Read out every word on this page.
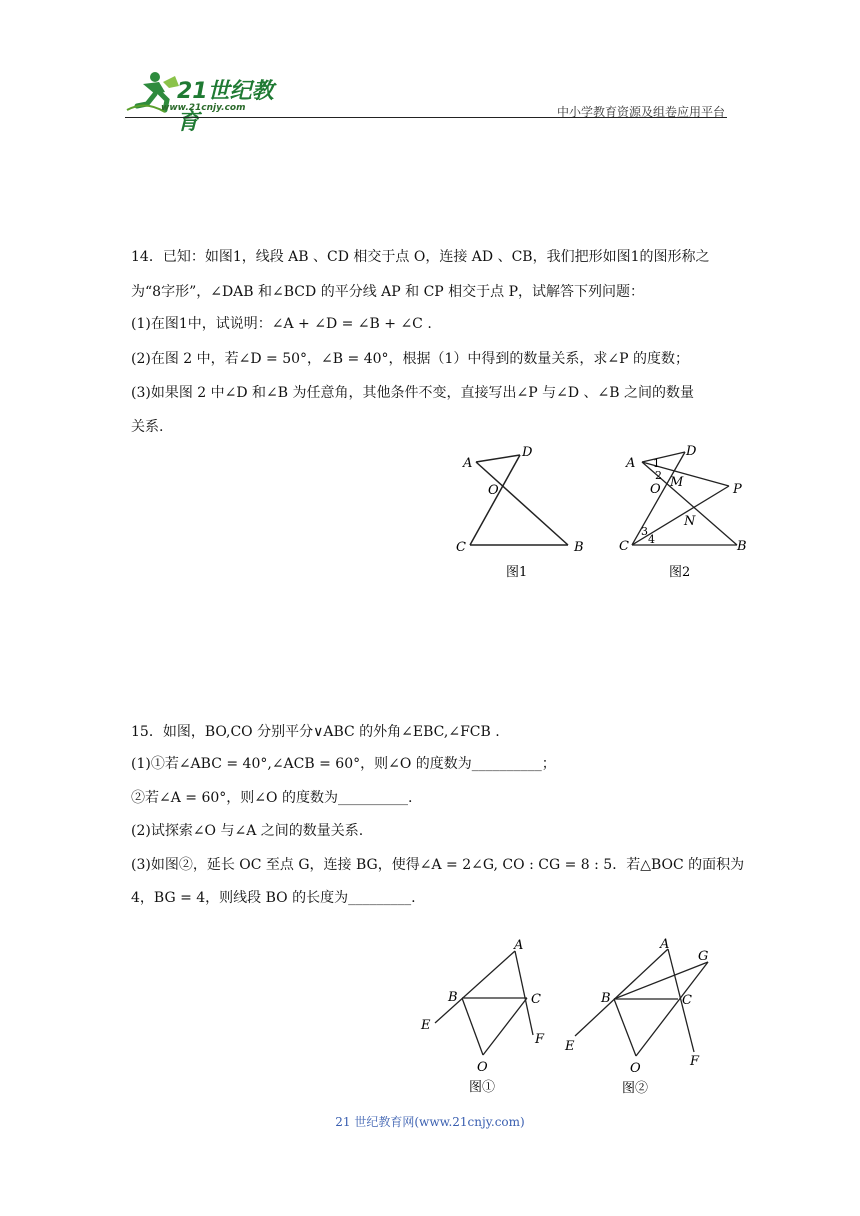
21世纪教育
www.21cnjy.com	中小学教育资源及组卷应用平台
14．已知：如图1，线段 AB 、CD 相交于点 O，连接 AD 、CB，我们把形如图1的图形称之
为“8字形”，∠DAB 和∠BCD 的平分线 AP 和 CP 相交于点 P，试解答下列问题：
(1)在图1中，试说明：∠A + ∠D = ∠B + ∠C .
(2)在图 2 中，若∠D = 50°，∠B = 40°，根据（1）中得到的数量关系，求∠P 的度数；
(3)如果图 2 中∠D 和∠B 为任意角，其他条件不变，直接写出∠P 与∠D 、∠B 之间的数量
关系.
A
D
O
C	B
图1
A
D
O M	P
N
C	B
1
2
3
4
图2
15．如图，BO,CO 分别平分∨ABC 的外角∠EBC,∠FCB .
(1)①若∠ABC = 40°,∠ACB = 60°，则∠O 的度数为__________；
②若∠A = 60°，则∠O 的度数为__________.
(2)试探索∠O 与∠A 之间的数量关系.
(3)如图②，延长 OC 至点 G，连接 BG，使得∠A = 2∠G, CO : CG = 8 : 5．若△BOC 的面积为
4，BG = 4，则线段 BO 的长度为_________.
A
B	C
E
F
O
图①
A
G
B	C
E
F
O
图②
21 世纪教育网(www.21cnjy.com)
